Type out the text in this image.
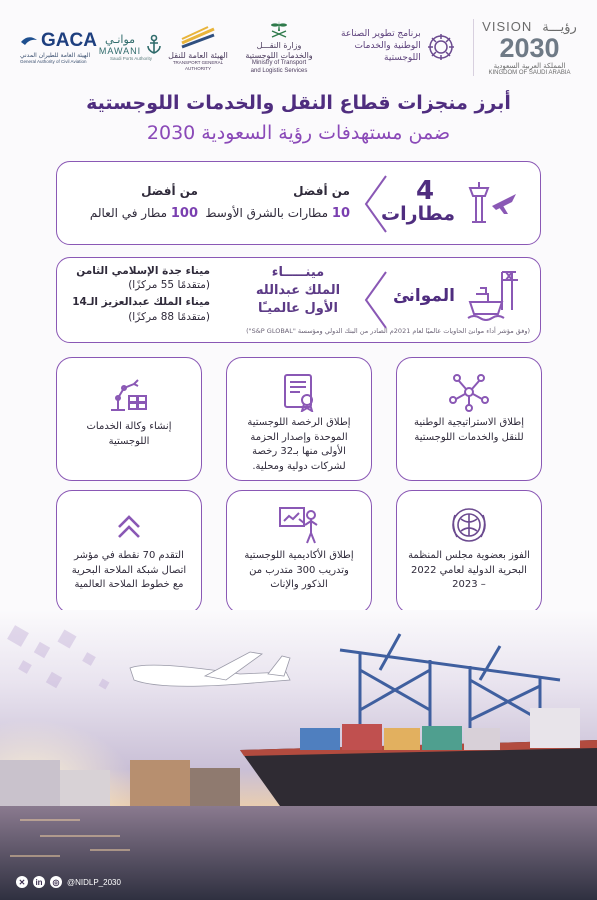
VISION رؤيـــة
2030
المملكة العربية السعودية
KINGDOM OF SAUDI ARABIA
برنامج تطوير الصناعة
الوطنية والخدمات
اللوجستية
وزارة النقـــل
والخدمات اللوجستية
Ministry of Transport
and Logistic Services
الهيئة العامة للنقل
TRANSPORT GENERAL AUTHORITY
موانـي
MAWANI
Saudi Ports Authority
GACA
الهيئة العامة للطيران المدني
General Authority of Civil Aviation
أبرز منجزات قطاع النقل والخدمات اللوجستية
ضمن مستهدفات رؤية السعودية 2030
4
مطارات
من أفضل
10 مطارات بالشرق الأوسط
من أفضل
100 مطار في العالم
الموانئ
مينـــــاء
الملك عبدالله
الأول عالميـًا
ميناء جدة الإسلامي الثامن
(متقدمًا 55 مركزًا)
ميناء الملك عبدالعزيز الـ14
(متقدمًا 88 مركزًا)
(وفق مؤشر أداء موانئ الحاويات عالميًا لعام 2021م الصادر من البنك الدولي ومؤسسة "S&P GLOBAL")
إطلاق الاستراتيجية الوطنية للنقل والخدمات اللوجستية
إطلاق الرخصة اللوجستية الموحدة وإصدار الحزمة الأولى منها بـ32 رخصة لشركات دولية ومحلية.
إنشاء وكالة الخدمات اللوجستية
الفوز بعضوية مجلس المنظمة البحرية الدولية لعامي 2022 – 2023
إطلاق الأكاديمية اللوجستية وتدريب 300 متدرب من الذكور والإناث
التقدم 70 نقطة في مؤشر اتصال شبكة الملاحة البحرية مع خطوط الملاحة العالمية
✕	in	◎ @NIDLP_2030
